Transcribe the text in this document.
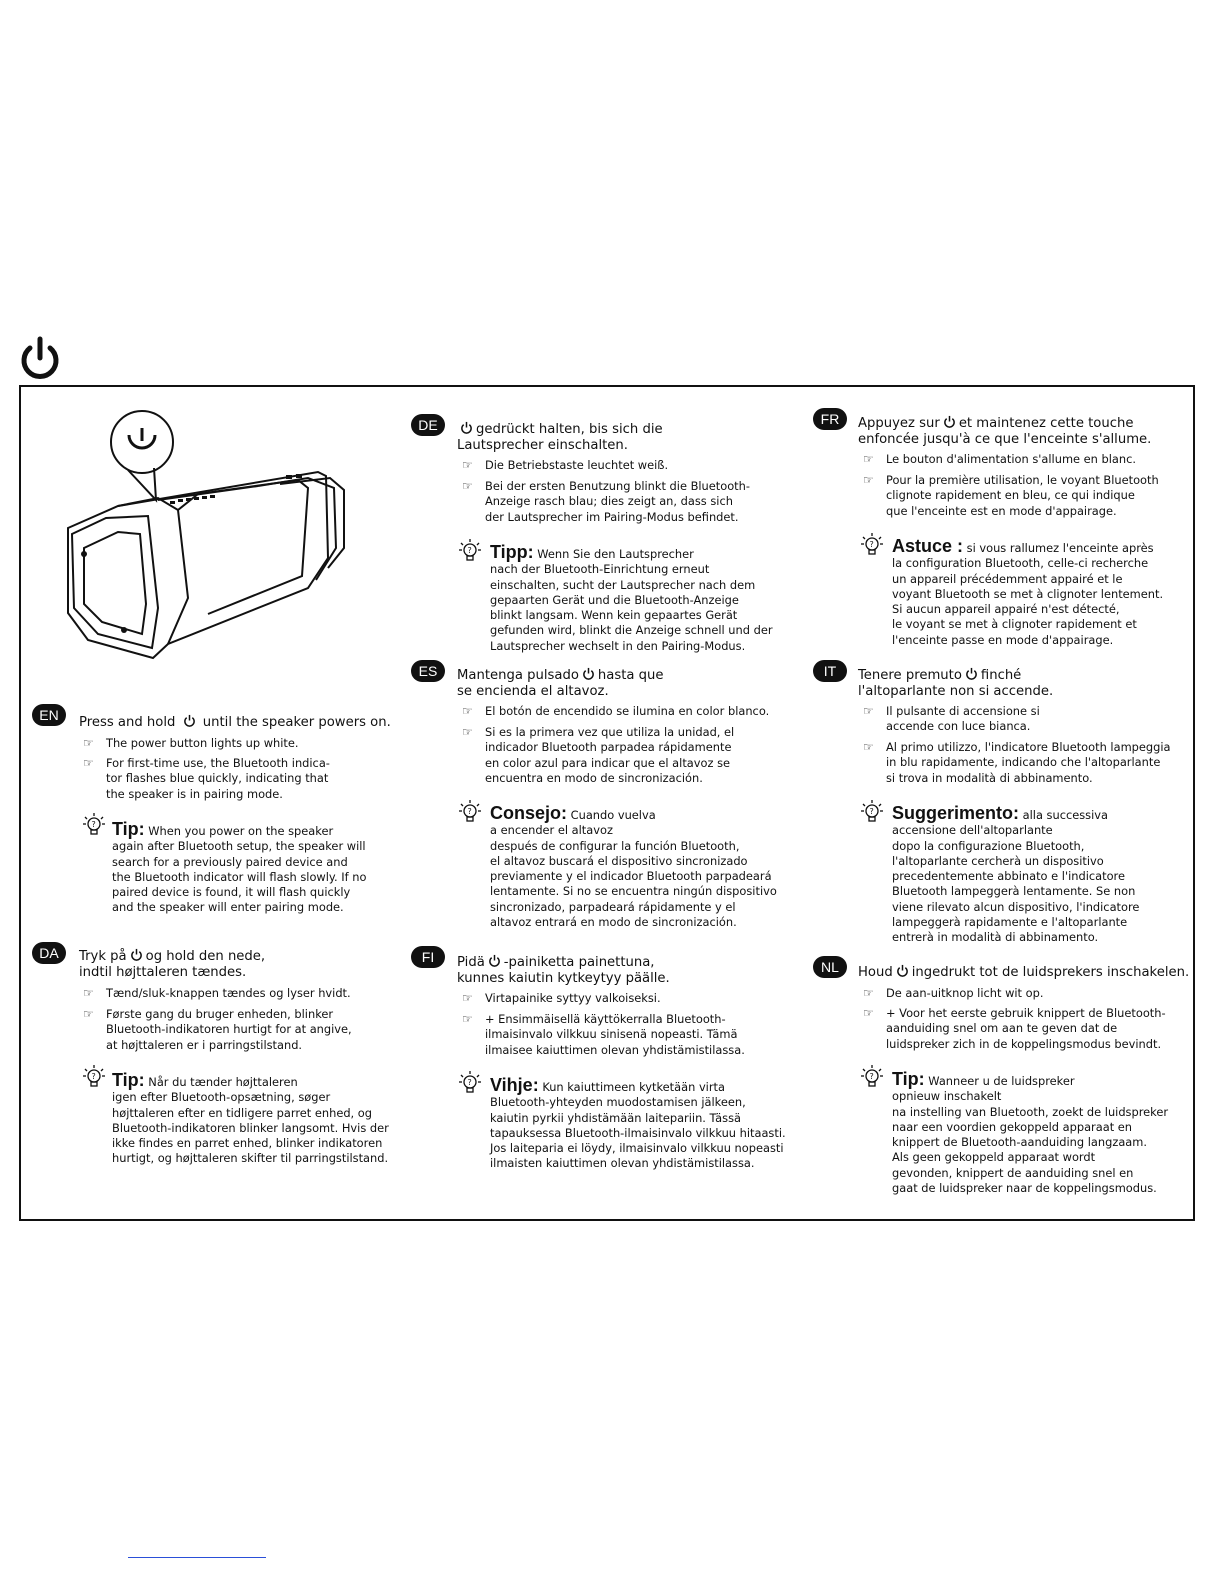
EN	Press and hold until the speaker powers on.
☞ The power button lights up white.
☞ For first-time use, the Bluetooth indica-
tor flashes blue quickly, indicating that
the speaker is in pairing mode.
? Tip: When you power on the speaker
again after Bluetooth setup, the speaker will
search for a previously paired device and
the Bluetooth indicator will flash slowly. If no
paired device is found, it will flash quickly
and the speaker will enter pairing mode.
DA	Tryk på og hold den nede,
indtil højttaleren tændes.
☞ Tænd/sluk-knappen tændes og lyser hvidt.
☞ Første gang du bruger enheden, blinker
Bluetooth-indikatoren hurtigt for at angive,
at højttaleren er i parringstilstand.
? Tip: Når du tænder højttaleren
igen efter Bluetooth-opsætning, søger
højttaleren efter en tidligere parret enhed, og
Bluetooth-indikatoren blinker langsomt. Hvis der
ikke findes en parret enhed, blinker indikatoren
hurtigt, og højttaleren skifter til parringstilstand.
DE	gedrückt halten, bis sich die
Lautsprecher einschalten.
☞ Die Betriebstaste leuchtet weiß.
☞ Bei der ersten Benutzung blinkt die Bluetooth-
Anzeige rasch blau; dies zeigt an, dass sich
der Lautsprecher im Pairing-Modus befindet.
? Tipp: Wenn Sie den Lautsprecher
nach der Bluetooth-Einrichtung erneut
einschalten, sucht der Lautsprecher nach dem
gepaarten Gerät und die Bluetooth-Anzeige
blinkt langsam. Wenn kein gepaartes Gerät
gefunden wird, blinkt die Anzeige schnell und der
Lautsprecher wechselt in den Pairing-Modus.
ES	Mantenga pulsado hasta que
se encienda el altavoz.
☞ El botón de encendido se ilumina en color blanco.
☞ Si es la primera vez que utiliza la unidad, el
indicador Bluetooth parpadea rápidamente
en color azul para indicar que el altavoz se
encuentra en modo de sincronización.
? Consejo: Cuando vuelva
a encender el altavoz
después de configurar la función Bluetooth,
el altavoz buscará el dispositivo sincronizado
previamente y el indicador Bluetooth parpadeará
lentamente. Si no se encuentra ningún dispositivo
sincronizado, parpadeará rápidamente y el
altavoz entrará en modo de sincronización.
FI	Pidä -painiketta painettuna,
kunnes kaiutin kytkeytyy päälle.
☞ Virtapainike syttyy valkoiseksi.
☞ + Ensimmäisellä käyttökerralla Bluetooth-
ilmaisinvalo vilkkuu sinisenä nopeasti. Tämä
ilmaisee kaiuttimen olevan yhdistämistilassa.
? Vihje: Kun kaiuttimeen kytketään virta
Bluetooth-yhteyden muodostamisen jälkeen,
kaiutin pyrkii yhdistämään laitepariin. Tässä
tapauksessa Bluetooth-ilmaisinvalo vilkkuu hitaasti.
Jos laiteparia ei löydy, ilmaisinvalo vilkkuu nopeasti
ilmaisten kaiuttimen olevan yhdistämistilassa.
FR	Appuyez sur et maintenez cette touche
enfoncée jusqu'à ce que l'enceinte s'allume.
☞ Le bouton d'alimentation s'allume en blanc.
☞ Pour la première utilisation, le voyant Bluetooth
clignote rapidement en bleu, ce qui indique
que l'enceinte est en mode d'appairage.
? Astuce : si vous rallumez l'enceinte après
la configuration Bluetooth, celle-ci recherche
un appareil précédemment appairé et le
voyant Bluetooth se met à clignoter lentement.
Si aucun appareil appairé n'est détecté,
le voyant se met à clignoter rapidement et
l'enceinte passe en mode d'appairage.
IT	Tenere premuto finché
l'altoparlante non si accende.
☞ Il pulsante di accensione si
accende con luce bianca.
☞ Al primo utilizzo, l'indicatore Bluetooth lampeggia
in blu rapidamente, indicando che l'altoparlante
si trova in modalità di abbinamento.
? Suggerimento: alla successiva
accensione dell'altoparlante
dopo la configurazione Bluetooth,
l'altoparlante cercherà un dispositivo
precedentemente abbinato e l'indicatore
Bluetooth lampeggerà lentamente. Se non
viene rilevato alcun dispositivo, l'indicatore
lampeggerà rapidamente e l'altoparlante
entrerà in modalità di abbinamento.
NL	Houd ingedrukt tot de luidsprekers inschakelen.
☞ De aan-uitknop licht wit op.
☞ + Voor het eerste gebruik knippert de Bluetooth-
aanduiding snel om aan te geven dat de
luidspreker zich in de koppelingsmodus bevindt.
? Tip: Wanneer u de luidspreker
opnieuw inschakelt
na instelling van Bluetooth, zoekt de luidspreker
naar een voordien gekoppeld apparaat en
knippert de Bluetooth-aanduiding langzaam.
Als geen gekoppeld apparaat wordt
gevonden, knippert de aanduiding snel en
gaat de luidspreker naar de koppelingsmodus.
